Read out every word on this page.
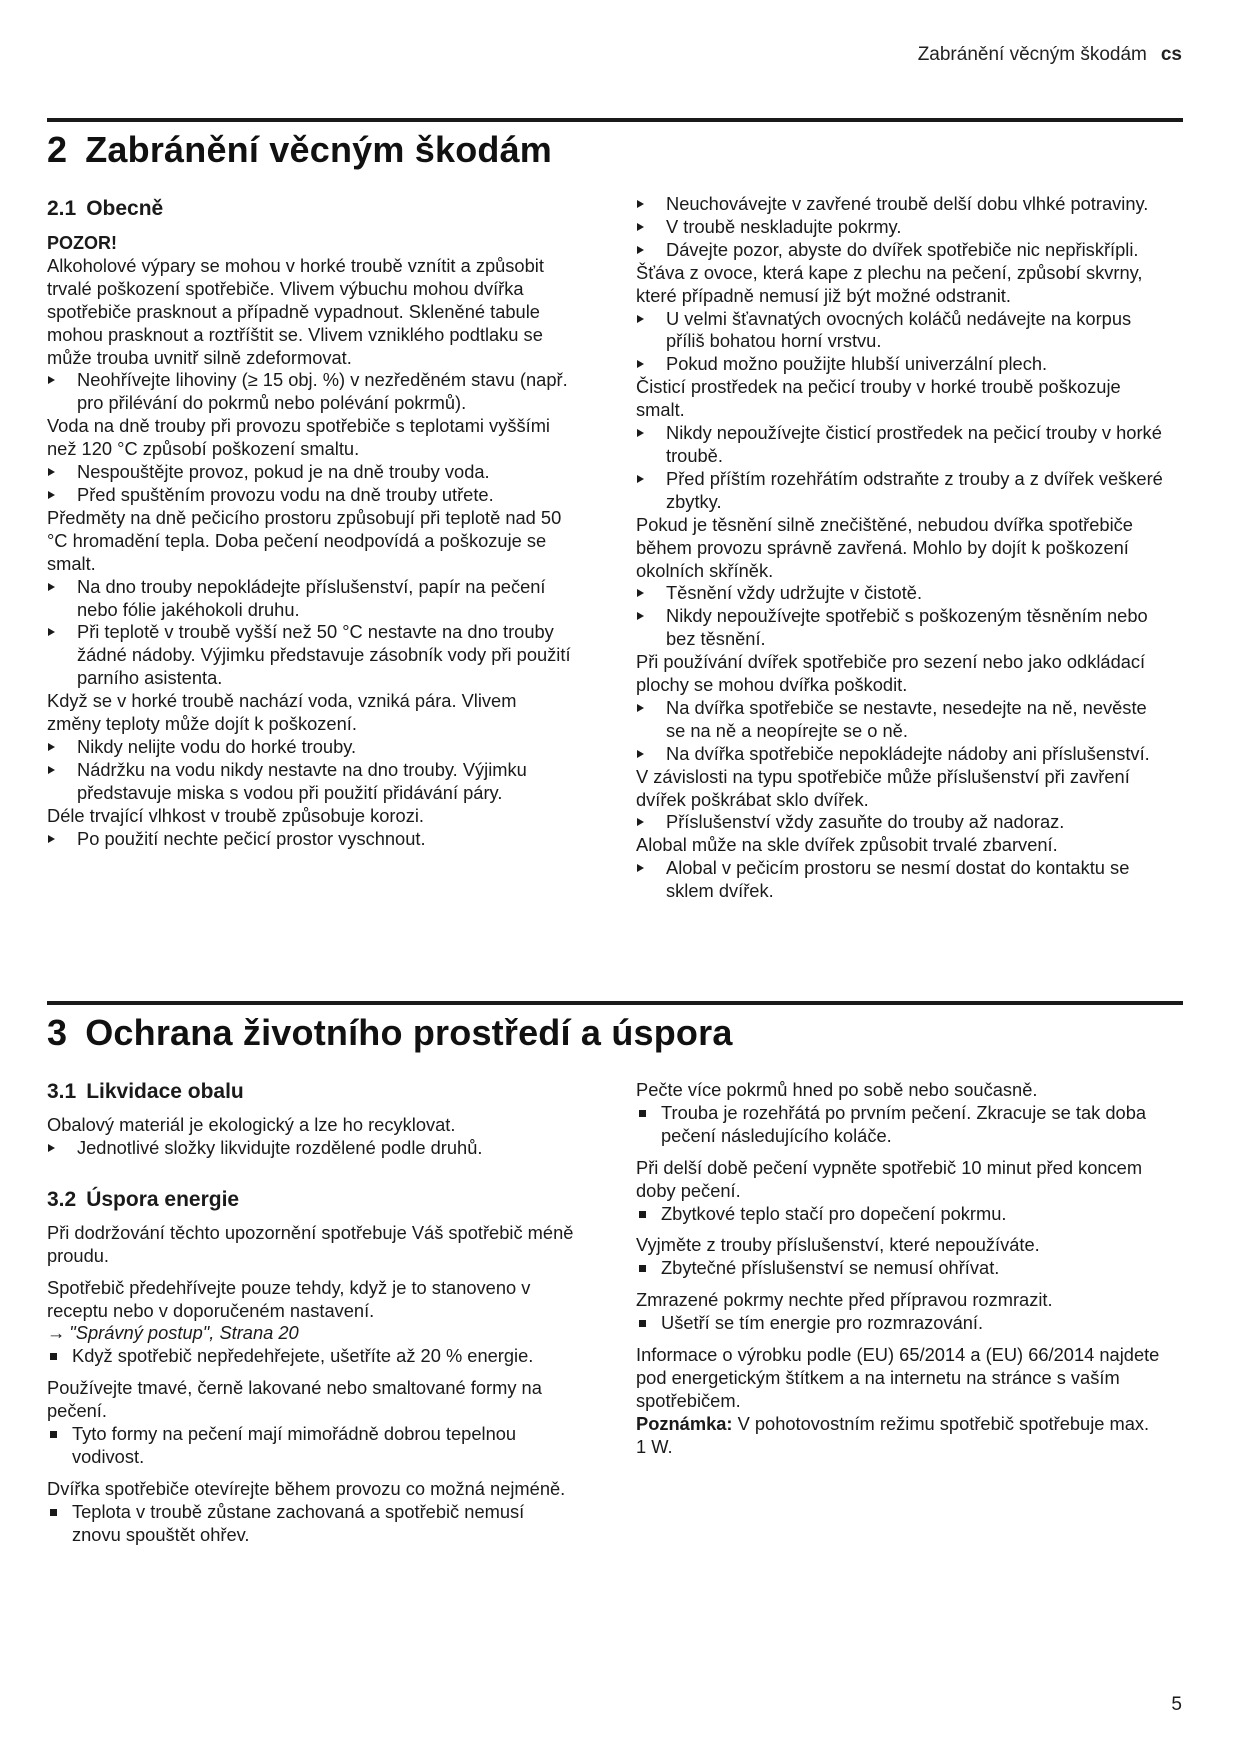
Zabránění věcným škodám cs
2 Zabránění věcným škodám
2.1 Obecně

POZOR!

Alkoholové výpary se mohou v horké troubě vznítit a způsobit trvalé poškození spotřebiče. Vlivem výbuchu mohou dvířka spotřebiče prasknout a případně vypadnout. Skleněné tabule mohou prasknout a roztříštit se. Vlivem vzniklého podtlaku se může trouba uvnitř silně zdeformovat.

Neohřívejte lihoviny (≥ 15 obj. %) v nezředěném stavu (např. pro přilévání do pokrmů nebo polévání pokrmů).

Voda na dně trouby při provozu spotřebiče s teplotami vyššími než 120 °C způsobí poškození smaltu.

Nespouštějte provoz, pokud je na dně trouby voda.
Před spuštěním provozu vodu na dně trouby utřete.

Předměty na dně pečicího prostoru způsobují při teplotě nad 50 °C hromadění tepla. Doba pečení neodpovídá a poškozuje se smalt.

Na dno trouby nepokládejte příslušenství, papír na pečení nebo fólie jakéhokoli druhu.
Při teplotě v troubě vyšší než 50 °C nestavte na dno trouby žádné nádoby. Výjimku představuje zásobník vody při použití parního asistenta.

Když se v horké troubě nachází voda, vzniká pára. Vlivem změny teploty může dojít k poškození.

Nikdy nelijte vodu do horké trouby.
Nádržku na vodu nikdy nestavte na dno trouby. Výjimku představuje miska s vodou při použití přidávání páry.

Déle trvající vlhkost v troubě způsobuje korozi.

Po použití nechte pečicí prostor vyschnout.
Neuchovávejte v zavřené troubě delší dobu vlhké potraviny.
V troubě neskladujte pokrmy.
Dávejte pozor, abyste do dvířek spotřebiče nic nepřiskřípli.

Šťáva z ovoce, která kape z plechu na pečení, způsobí skvrny, které případně nemusí již být možné odstranit.

U velmi šťavnatých ovocných koláčů nedávejte na korpus příliš bohatou horní vrstvu.
Pokud možno použijte hlubší univerzální plech.

Čisticí prostředek na pečicí trouby v horké troubě poškozuje smalt.

Nikdy nepoužívejte čisticí prostředek na pečicí trouby v horké troubě.
Před příštím rozehřátím odstraňte z trouby a z dvířek veškeré zbytky.

Pokud je těsnění silně znečištěné, nebudou dvířka spotřebiče během provozu správně zavřená. Mohlo by dojít k poškození okolních skříněk.

Těsnění vždy udržujte v čistotě.
Nikdy nepoužívejte spotřebič s poškozeným těsněním nebo bez těsnění.

Při používání dvířek spotřebiče pro sezení nebo jako odkládací plochy se mohou dvířka poškodit.

Na dvířka spotřebiče se nestavte, nesedejte na ně, nevěste se na ně a neopírejte se o ně.
Na dvířka spotřebiče nepokládejte nádoby ani příslušenství.

V závislosti na typu spotřebiče může příslušenství při zavření dvířek poškrábat sklo dvířek.

Příslušenství vždy zasuňte do trouby až nadoraz.

Alobal může na skle dvířek způsobit trvalé zbarvení.

Alobal v pečicím prostoru se nesmí dostat do kontaktu se sklem dvířek.
3 Ochrana životního prostředí a úspora
3.1 Likvidace obalu

Obalový materiál je ekologický a lze ho recyklovat.

Jednotlivé složky likvidujte rozdělené podle druhů.
3.2 Úspora energie

Při dodržování těchto upozornění spotřebuje Váš spotřebič méně proudu.

Spotřebič předehřívejte pouze tehdy, když je to stanoveno v receptu nebo v doporučeném nastavení.

→ "Správný postup", Strana 20

Když spotřebič nepředehřejete, ušetříte až 20 % energie.

Používejte tmavé, černě lakované nebo smaltované formy na pečení.

Tyto formy na pečení mají mimořádně dobrou tepelnou vodivost.

Dvířka spotřebiče otevírejte během provozu co možná nejméně.

Teplota v troubě zůstane zachovaná a spotřebič nemusí znovu spouštět ohřev.

Pečte více pokrmů hned po sobě nebo současně.

Trouba je rozehřátá po prvním pečení. Zkracuje se tak doba pečení následujícího koláče.

Při delší době pečení vypněte spotřebič 10 minut před koncem doby pečení.

Zbytkové teplo stačí pro dopečení pokrmu.

Vyjměte z trouby příslušenství, které nepoužíváte.

Zbytečné příslušenství se nemusí ohřívat.

Zmrazené pokrmy nechte před přípravou rozmrazit.

Ušetří se tím energie pro rozmrazování.

Informace o výrobku podle (EU) 65/2014 a (EU) 66/2014 najdete pod energetickým štítkem a na internetu na stránce s vaším spotřebičem.

Poznámka: V pohotovostním režimu spotřebič spotřebuje max. 1 W.

5
